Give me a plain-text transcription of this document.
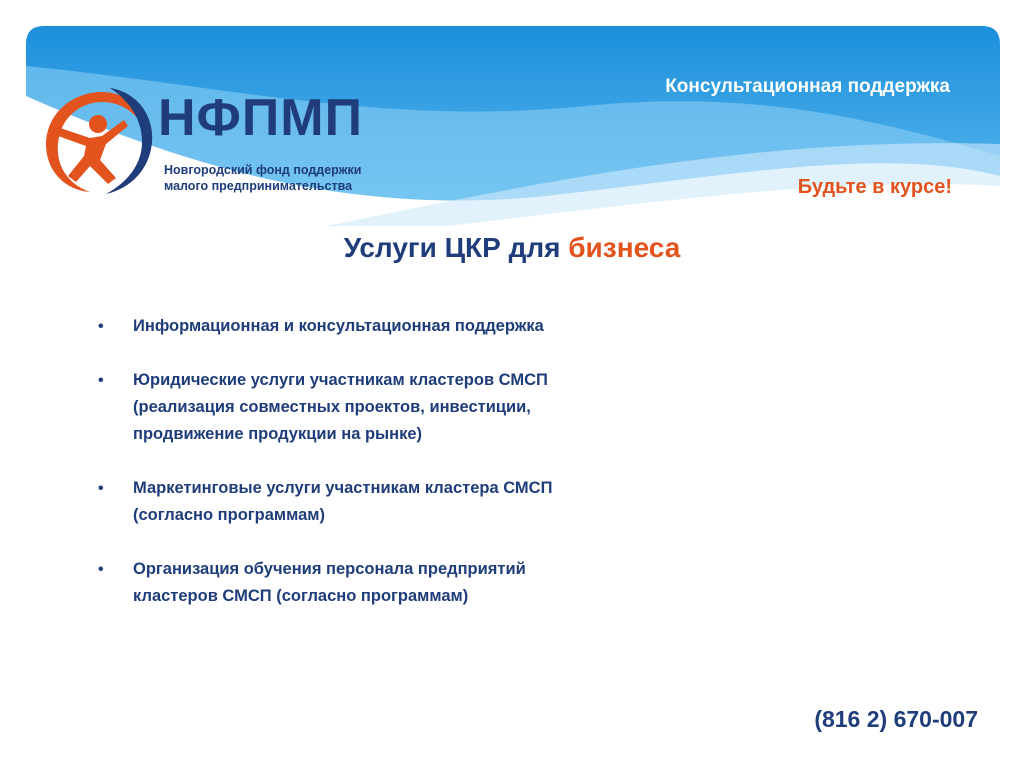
Консультационная поддержка
НФПМП
Новгородский фонд поддержки
малого предпринимательства	Будьте в курсе!
Услуги ЦКР для бизнеса
• Информационная и консультационная поддержка
• Юридические услуги участникам кластеров СМСП (реализация совместных проектов, инвестиции, продвижение продукции на рынке)
• Маркетинговые услуги участникам кластера СМСП (согласно программам)
• Организация обучения персонала предприятий кластеров СМСП (согласно программам)
(816 2) 670-007
